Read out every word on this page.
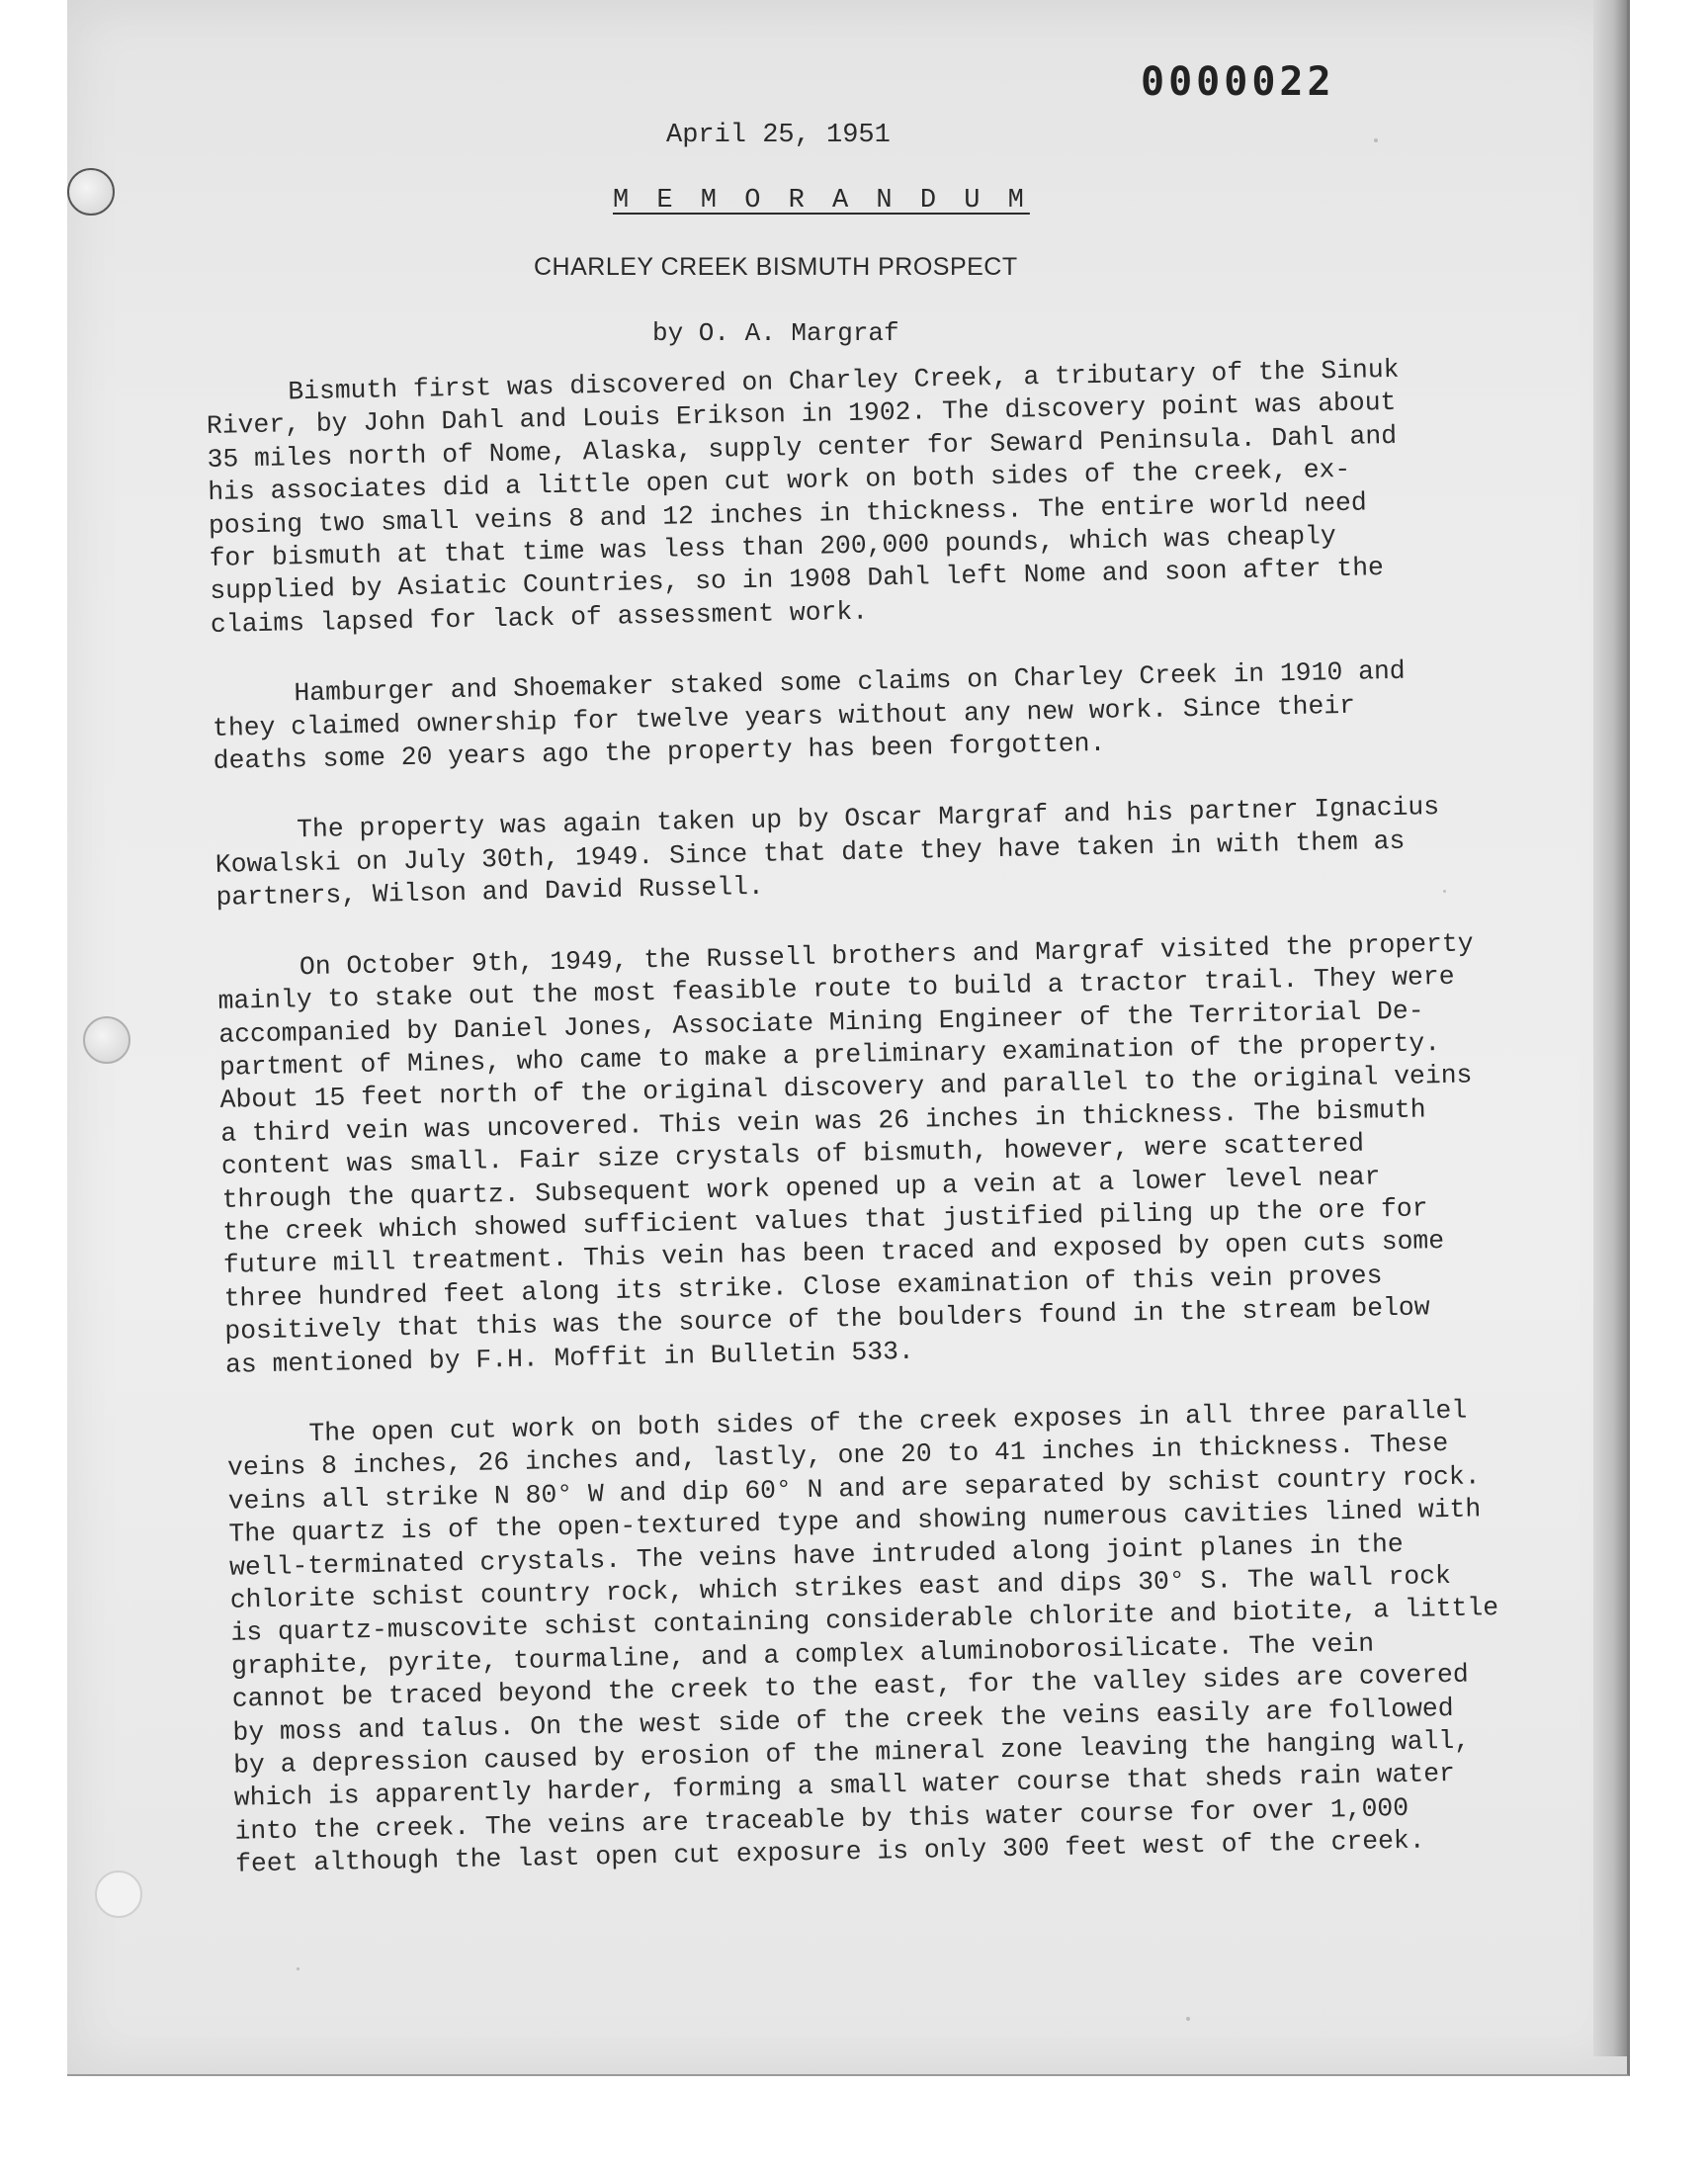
0000022
April 25, 1951
M E M O R A N D U M
CHARLEY CREEK BISMUTH PROSPECT
by O. A. Margraf

Bismuth first was discovered on Charley Creek, a tributary of the Sinuk
River, by John Dahl and Louis Erikson in 1902. The discovery point was about
35 miles north of Nome, Alaska, supply center for Seward Peninsula. Dahl and
his associates did a little open cut work on both sides of the creek, ex-
posing two small veins 8 and 12 inches in thickness. The entire world need
for bismuth at that time was less than 200,000 pounds, which was cheaply
supplied by Asiatic Countries, so in 1908 Dahl left Nome and soon after the
claims lapsed for lack of assessment work.

Hamburger and Shoemaker staked some claims on Charley Creek in 1910 and
they claimed ownership for twelve years without any new work. Since their
deaths some 20 years ago the property has been forgotten.

The property was again taken up by Oscar Margraf and his partner Ignacius
Kowalski on July 30th, 1949. Since that date they have taken in with them as
partners, Wilson and David Russell.

On October 9th, 1949, the Russell brothers and Margraf visited the property
mainly to stake out the most feasible route to build a tractor trail. They were
accompanied by Daniel Jones, Associate Mining Engineer of the Territorial De-
partment of Mines, who came to make a preliminary examination of the property.
About 15 feet north of the original discovery and parallel to the original veins
a third vein was uncovered. This vein was 26 inches in thickness. The bismuth
content was small. Fair size crystals of bismuth, however, were scattered
through the quartz. Subsequent work opened up a vein at a lower level near
the creek which showed sufficient values that justified piling up the ore for
future mill treatment. This vein has been traced and exposed by open cuts some
three hundred feet along its strike. Close examination of this vein proves
positively that this was the source of the boulders found in the stream below
as mentioned by F.H. Moffit in Bulletin 533.

The open cut work on both sides of the creek exposes in all three parallel
veins 8 inches, 26 inches and, lastly, one 20 to 41 inches in thickness. These
veins all strike N 80° W and dip 60° N and are separated by schist country rock.
The quartz is of the open-textured type and showing numerous cavities lined with
well-terminated crystals. The veins have intruded along joint planes in the
chlorite schist country rock, which strikes east and dips 30° S. The wall rock
is quartz-muscovite schist containing considerable chlorite and biotite, a little
graphite, pyrite, tourmaline, and a complex aluminoborosilicate. The vein
cannot be traced beyond the creek to the east, for the valley sides are covered
by moss and talus. On the west side of the creek the veins easily are followed
by a depression caused by erosion of the mineral zone leaving the hanging wall,
which is apparently harder, forming a small water course that sheds rain water
into the creek. The veins are traceable by this water course for over 1,000
feet although the last open cut exposure is only 300 feet west of the creek.
